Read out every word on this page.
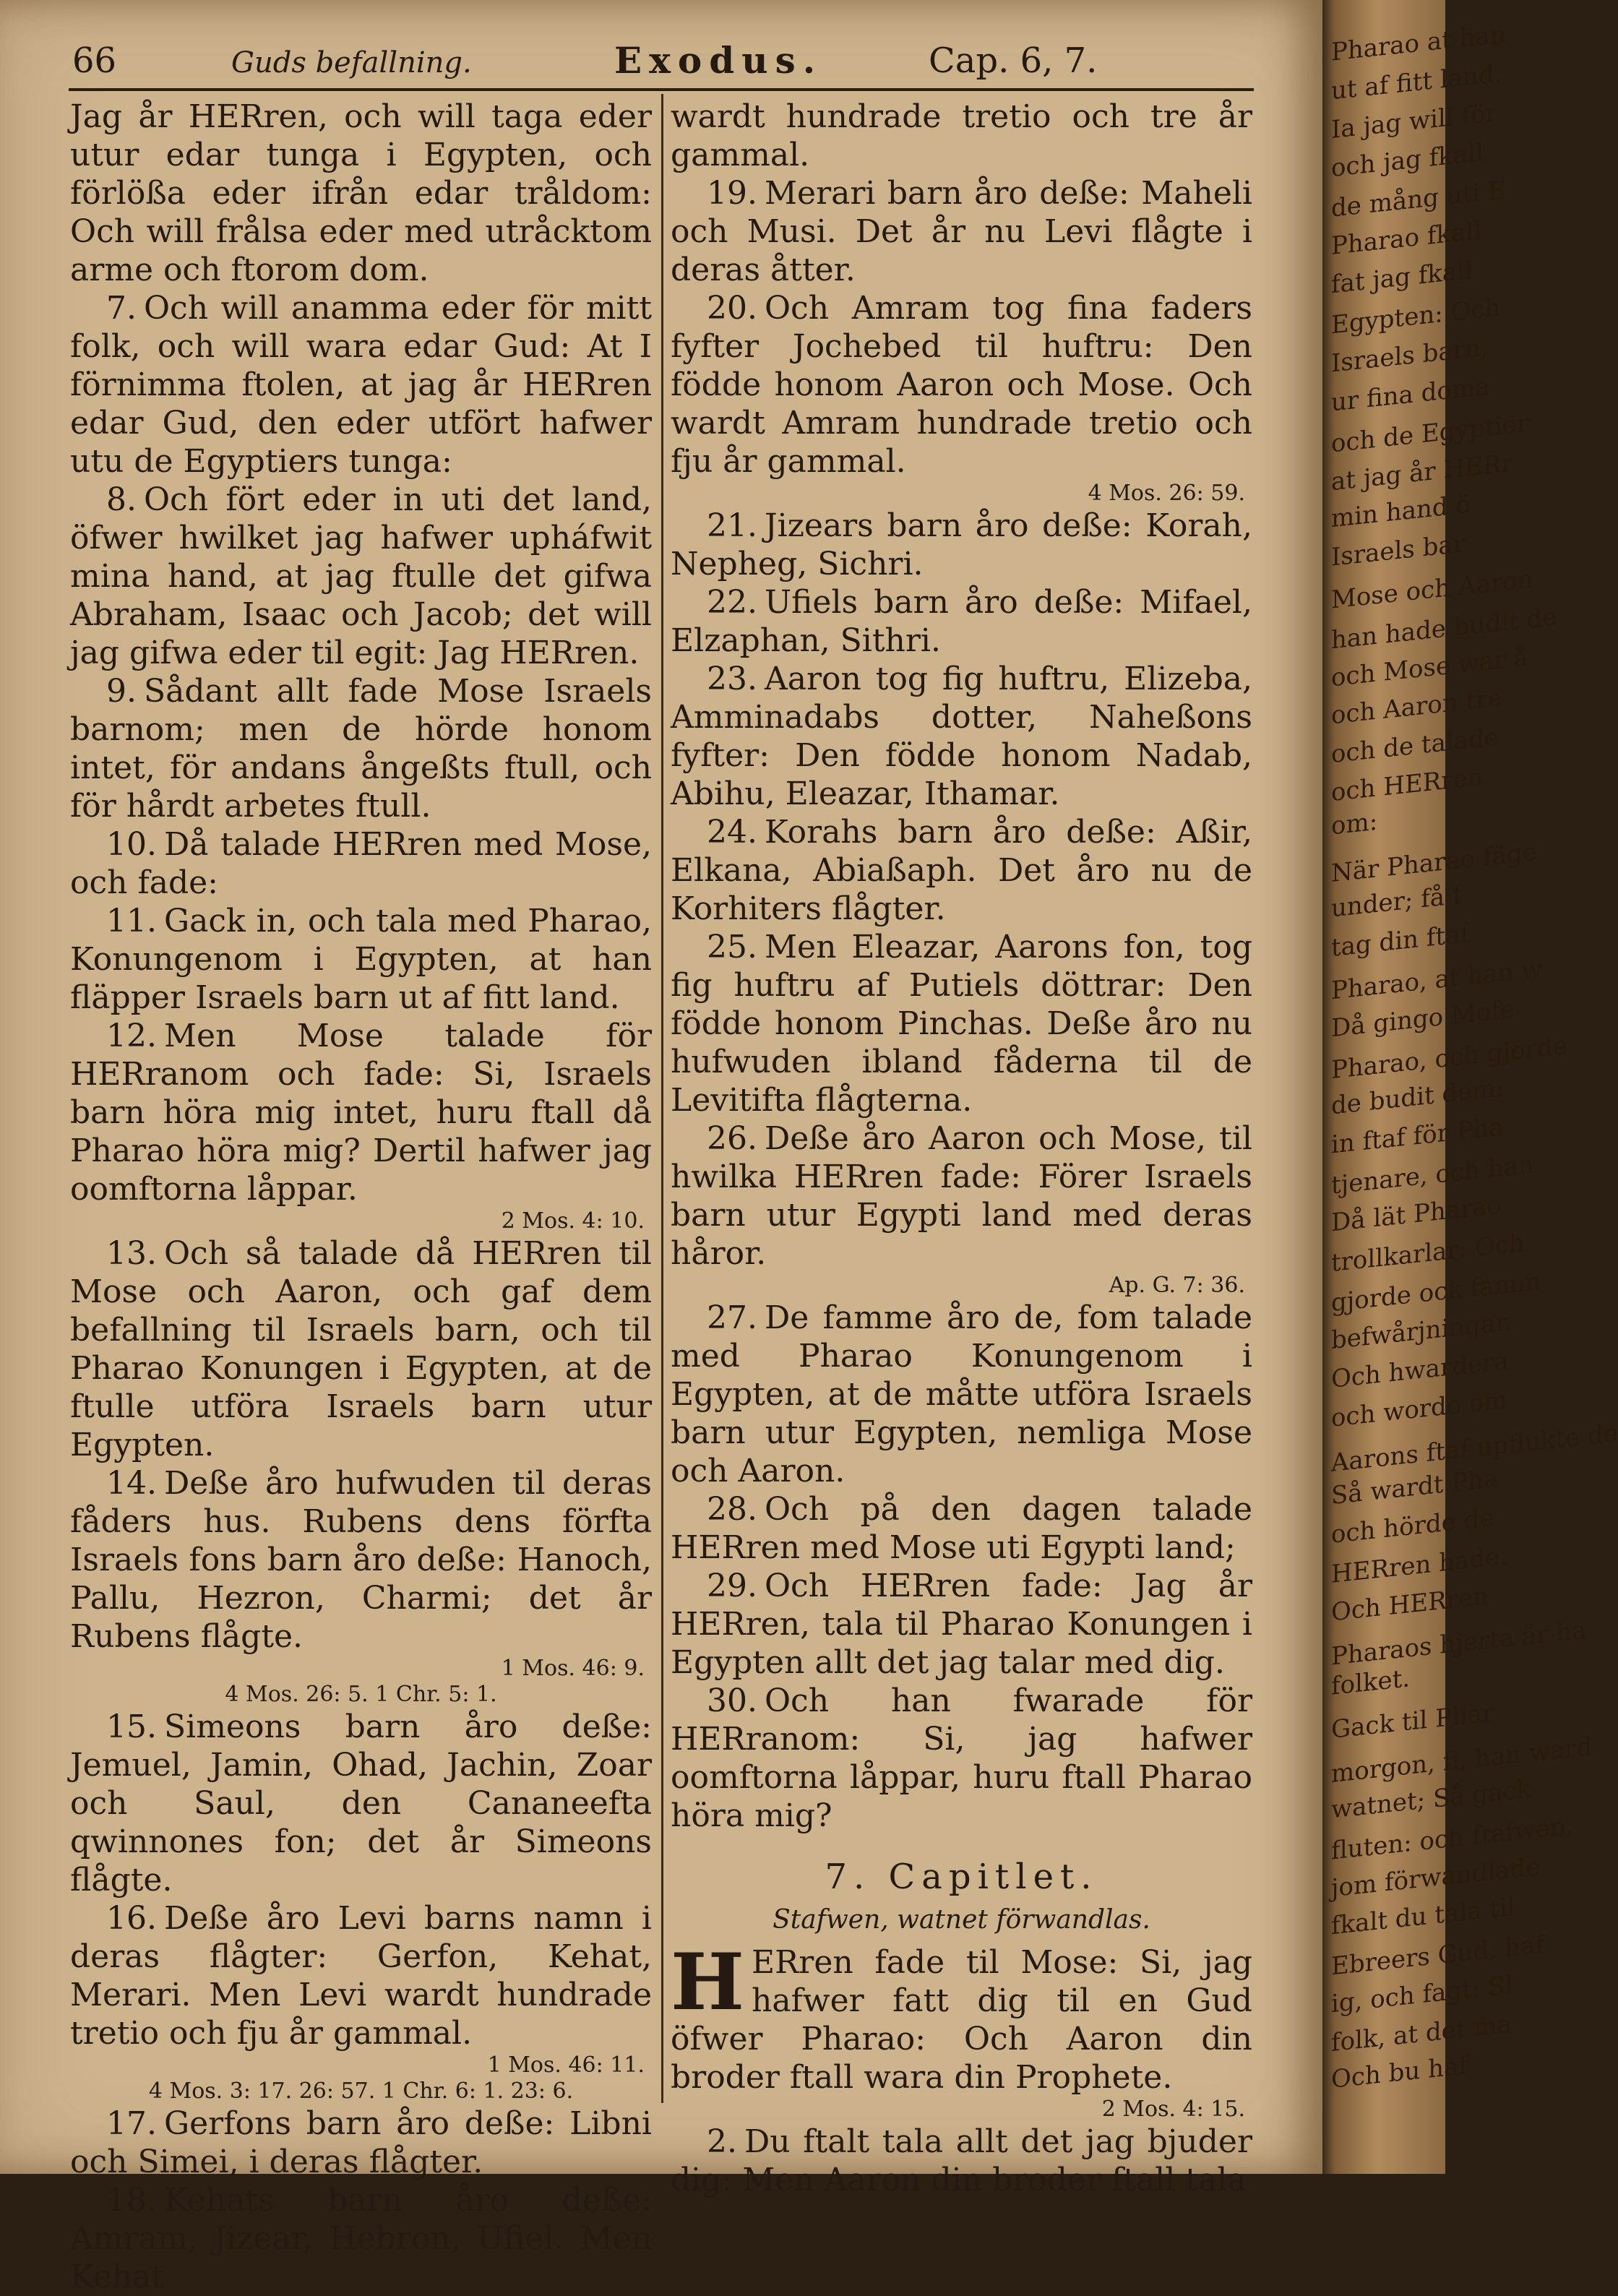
66	Guds befallning.	Exodus.	Cap. 6, 7.

Jag år HERren, och will taga eder utur edar tunga i Egypten, och förlößa eder ifrån edar tråldom: Och will frålsa eder med utråcktom arme och ftorom dom.

7. Och will anamma eder för mitt folk, och will wara edar Gud: At I förnimma ftolen, at jag år HERren edar Gud, den eder utfört hafwer utu de Egyptiers tunga:

8. Och fört eder in uti det land, öfwer hwilket jag hafwer upháfwit mina hand, at jag ftulle det gifwa Abraham, Isaac och Jacob; det will jag gifwa eder til egit: Jag HERren.

9. Sådant allt fade Mose Israels barnom; men de hörde honom intet, för andans ångeßts ftull, och för hårdt arbetes ftull.

10. Då talade HERren med Mose, och fade:

11. Gack in, och tala med Pharao, Konungenom i Egypten, at han fläpper Israels barn ut af fitt land.

12. Men Mose talade för HERranom och fade: Si, Israels barn höra mig intet, huru ftall då Pharao höra mig? Dertil hafwer jag oomftorna låppar.

2 Mos. 4: 10.

13. Och så talade då HERren til Mose och Aaron, och gaf dem befallning til Israels barn, och til Pharao Konungen i Egypten, at de ftulle utföra Israels barn utur Egypten.

14. Deße åro hufwuden til deras fåders hus. Rubens dens förfta Israels fons barn åro deße: Hanoch, Pallu, Hezron, Charmi; det år Rubens flågte.

1 Mos. 46: 9.

4 Mos. 26: 5. 1 Chr. 5: 1.

15. Simeons barn åro deße: Jemuel, Jamin, Ohad, Jachin, Zoar och Saul, den Cananeefta qwinnones fon; det år Simeons flågte.

16. Deße åro Levi barns namn i deras flågter: Gerfon, Kehat, Merari. Men Levi wardt hundrade tretio och fju år gammal.

1 Mos. 46: 11.

4 Mos. 3: 17. 26: 57. 1 Chr. 6: 1. 23: 6.

17. Gerfons barn åro deße: Libni och Simei, i deras flågter.

18. Kehats barn åro deße: Amram, Jizear, Hebron, Ufiel. Men Kehat

wardt hundrade tretio och tre år gammal.

19. Merari barn åro deße: Maheli och Musi. Det år nu Levi flågte i deras åtter.

20. Och Amram tog fina faders fyfter Jochebed til huftru: Den födde honom Aaron och Mose. Och wardt Amram hundrade tretio och fju år gammal.

4 Mos. 26: 59.

21. Jizears barn åro deße: Korah, Nepheg, Sichri.

22. Ufiels barn åro deße: Mifael, Elzaphan, Sithri.

23. Aaron tog fig huftru, Elizeba, Amminadabs dotter, Naheßons fyfter: Den födde honom Nadab, Abihu, Eleazar, Ithamar.

24. Korahs barn åro deße: Aßir, Elkana, Abiaßaph. Det åro nu de Korhiters flågter.

25. Men Eleazar, Aarons fon, tog fig huftru af Putiels döttrar: Den födde honom Pinchas. Deße åro nu hufwuden ibland fåderna til de Levitifta flågterna.

26. Deße åro Aaron och Mose, til hwilka HERren fade: Förer Israels barn utur Egypti land med deras håror.

Ap. G. 7: 36.

27. De famme åro de, fom talade med Pharao Konungenom i Egypten, at de måtte utföra Israels barn utur Egypten, nemliga Mose och Aaron.

28. Och på den dagen talade HERren med Mose uti Egypti land;

29. Och HERren fade: Jag år HERren, tala til Pharao Konungen i Egypten allt det jag talar med dig.

30. Och han fwarade för HERranom: Si, jag hafwer oomftorna låppar, huru ftall Pharao höra mig?

7. Capitlet.
Stafwen, watnet förwandlas.

H ERren fade til Mose: Si, jag hafwer fatt dig til en Gud öfwer Pharao: Och Aaron din broder ftall wara din Prophete.

2 Mos. 4: 15.

2. Du ftalt tala allt det jag bjuder dig: Men Aaron din broder ftall tala

Pharao at han
ut af fitt land.
Ia jag will för
och jag fkall
de mång uti E
Pharao fkall
fat jag fkall
Egypten: Och
Israels barn,
ur fina doma
och de Egyptier
at jag år HERr
min hand ö
Israels bar
Mose och Aaron
han hade budit de
och Mose war å
och Aaron tre
och de talade
och HERren
om:
När Pharao fäge
under; få f
tag din ftaf
Pharao, at han w
Då gingo Mofe
Pharao, och gjorde
de budit dem:
in ftaf för Pha
tjenare, och han
Då lät Pharao
trollkarlar: Och
gjorde ock famm
befwårjningar.
Och hwardera
och wordo om
Aarons ftaf upflukte de
Så wardt Pha
och hörde de
HERren hade.
Och HERren
Pharaos hjerta år ha
folket.
Gack til Phar
morgon, fi, han ward
watnet; Så gack
fluten: och ftafwen,
jom förwandlade
fkalt du tala til
Ebreers Gud, haf
ig, och fagt: Sl
folk, at det ma
Och bu haf
